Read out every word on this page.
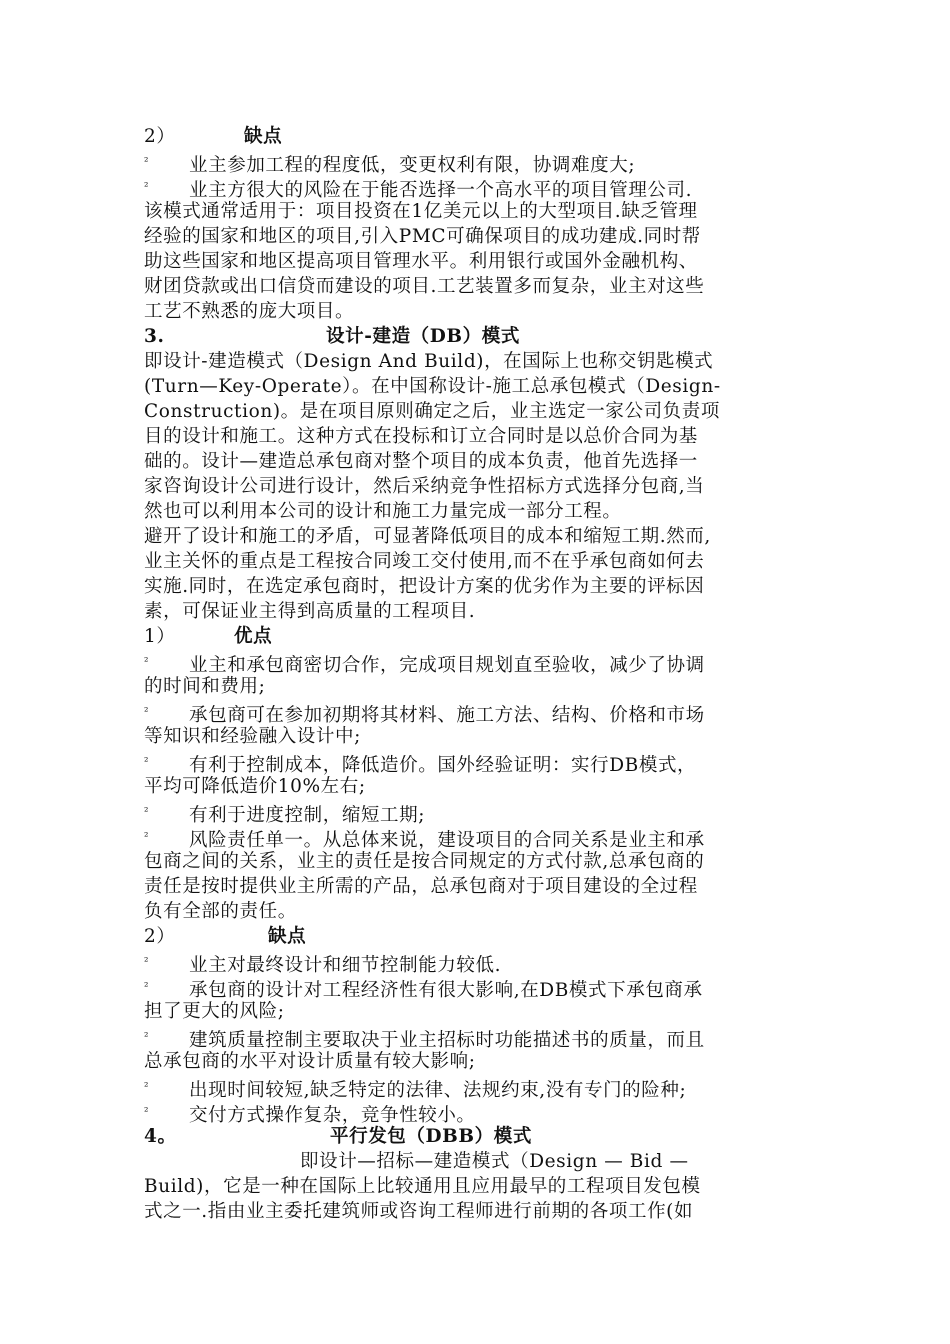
2）	缺点
$^{^2}$ 业主参加工程的程度低，变更权利有限，协调难度大;
$^{^2}$ 业主方很大的风险在于能否选择一个高水平的项目管理公司.
该模式通常适用于：项目投资在1亿美元以上的大型项目.缺乏管理
经验的国家和地区的项目,引入PMC可确保项目的成功建成.同时帮
助这些国家和地区提高项目管理水平。利用银行或国外金融机构、
财团贷款或出口信贷而建设的项目.工艺装置多而复杂，业主对这些
工艺不熟悉的庞大项目。
3.	设计-建造（DB）模式
即设计-建造模式（Design And Build)，在国际上也称交钥匙模式
(Turn—Key-Operate）。在中国称设计-施工总承包模式（Design-
Construction)。是在项目原则确定之后，业主选定一家公司负责项
目的设计和施工。这种方式在投标和订立合同时是以总价合同为基
础的。设计—建造总承包商对整个项目的成本负责，他首先选择一
家咨询设计公司进行设计，然后采纳竞争性招标方式选择分包商,当
然也可以利用本公司的设计和施工力量完成一部分工程。
避开了设计和施工的矛盾，可显著降低项目的成本和缩短工期.然而,
业主关怀的重点是工程按合同竣工交付使用,而不在乎承包商如何去
实施.同时，在选定承包商时，把设计方案的优劣作为主要的评标因
素，可保证业主得到高质量的工程项目.
1）	优点
$^{^2}$ 业主和承包商密切合作，完成项目规划直至验收，减少了协调
的时间和费用;
$^{^2}$ 承包商可在参加初期将其材料、施工方法、结构、价格和市场
等知识和经验融入设计中;
$^{^2}$ 有利于控制成本，降低造价。国外经验证明：实行DB模式，
平均可降低造价10%左右;
$^{^2}$ 有利于进度控制，缩短工期;
$^{^2}$ 风险责任单一。从总体来说，建设项目的合同关系是业主和承
包商之间的关系，业主的责任是按合同规定的方式付款,总承包商的
责任是按时提供业主所需的产品，总承包商对于项目建设的全过程
负有全部的责任。
2）	缺点
$^{^2}$ 业主对最终设计和细节控制能力较低.
$^{^2}$ 承包商的设计对工程经济性有很大影响,在DB模式下承包商承
担了更大的风险;
$^{^2}$ 建筑质量控制主要取决于业主招标时功能描述书的质量，而且
总承包商的水平对设计质量有较大影响;
$^{^2}$ 出现时间较短,缺乏特定的法律、法规约束,没有专门的险种;
$^{^2}$ 交付方式操作复杂，竞争性较小。
4。	平行发包（DBB）模式
即设计—招标—建造模式（Design — Bid —
Build)，它是一种在国际上比较通用且应用最早的工程项目发包模
式之一.指由业主委托建筑师或咨询工程师进行前期的各项工作(如
